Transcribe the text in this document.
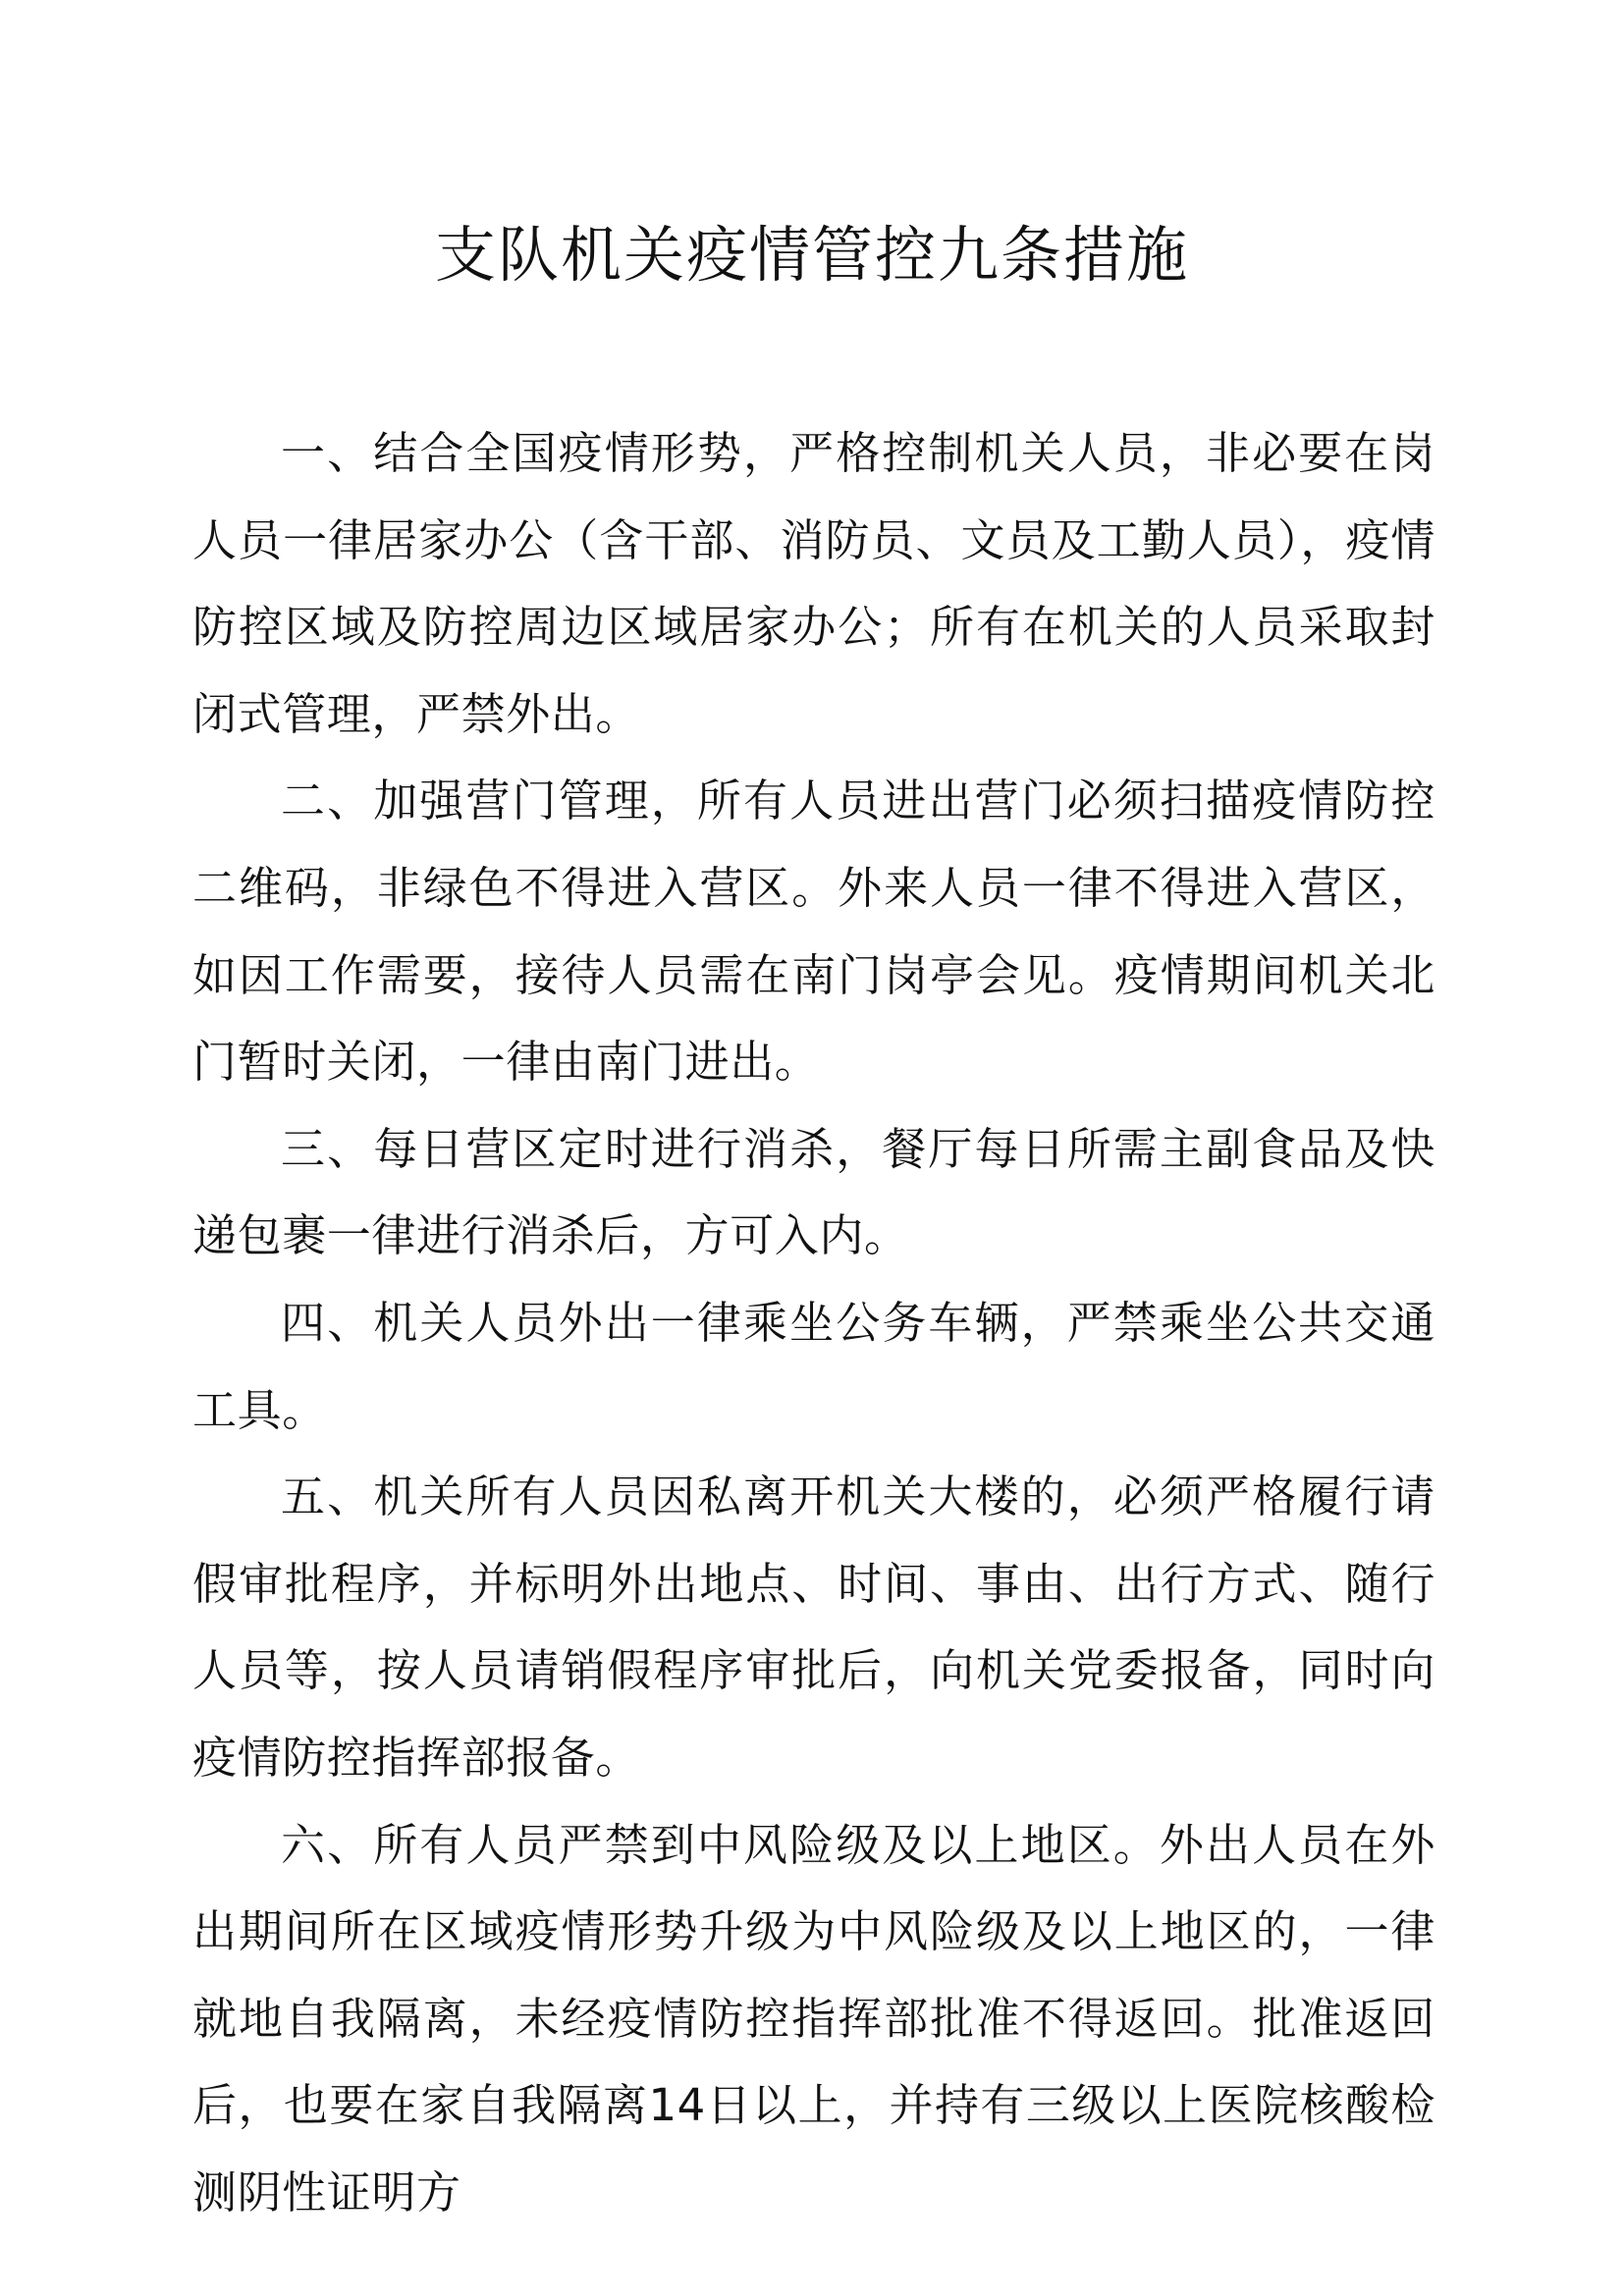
支队机关疫情管控九条措施

一、结合全国疫情形势，严格控制机关人员，非必要在岗人员一律居家办公（含干部、消防员、文员及工勤人员），疫情防控区域及防控周边区域居家办公；所有在机关的人员采取封闭式管理，严禁外出。

二、加强营门管理，所有人员进出营门必须扫描疫情防控二维码，非绿色不得进入营区。外来人员一律不得进入营区，如因工作需要，接待人员需在南门岗亭会见。疫情期间机关北门暂时关闭，一律由南门进出。

三、每日营区定时进行消杀，餐厅每日所需主副食品及快递包裹一律进行消杀后，方可入内。

四、机关人员外出一律乘坐公务车辆，严禁乘坐公共交通工具。

五、机关所有人员因私离开机关大楼的，必须严格履行请假审批程序，并标明外出地点、时间、事由、出行方式、随行人员等，按人员请销假程序审批后，向机关党委报备，同时向疫情防控指挥部报备。

六、所有人员严禁到中风险级及以上地区。外出人员在外出期间所在区域疫情形势升级为中风险级及以上地区的，一律就地自我隔离，未经疫情防控指挥部批准不得返回。批准返回后，也要在家自我隔离14日以上，并持有三级以上医院核酸检测阴性证明方
